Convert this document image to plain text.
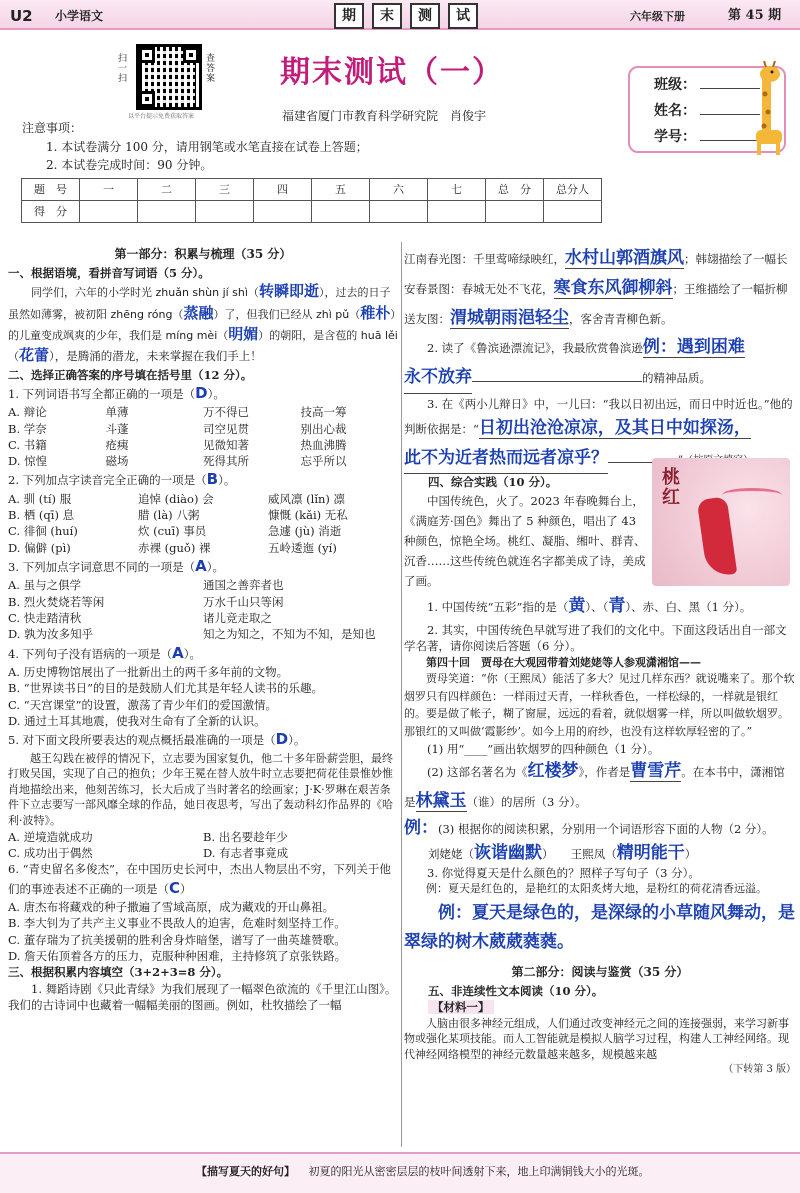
U2 小学语文	期	末	测	试	六年级下册	第 45 期
扫一扫
查答案
以平台提示免费获取答案
期末测试（一）
福建省厦门市教育科学研究院　肖俊宇
班级：
姓名：
学号：
注意事项：
1. 本试卷满分 100 分，请用钢笔或水笔直接在试卷上答题；
2. 本试卷完成时间：90 分钟。
题　号	一	二	三	四	五	六	七	总　分	总分人
得　分									
第一部分：积累与梳理（35 分）
一、根据语境，看拼音写词语（5 分）。
同学们，六年的小学时光 zhuǎn shùn jí shì（转瞬即逝），过去的日子虽然如薄雾，被初阳 zhēng róng（蒸融）了，但我们已经从 zhì pǔ（稚朴）的儿童变成飒爽的少年，我们是 míng mèi（明媚）的朝阳，是含苞的 huā lěi（花蕾），是腾涌的潜龙，未来掌握在我们手上！
二、选择正确答案的序号填在括号里（12 分）。
1. 下列词语书写全都正确的一项是（D）。
A. 辩论	单薄	万不得已	技高一筹
B. 学奈	斗蓬	司空见贯	别出心裁
C. 书籍	疮痍	见微知著	热血沸腾
D. 惊惶	磁场	死得其所	忘乎所以
2. 下列加点字读音完全正确的一项是（B）。
A. 驯 (tí) 服	追悼 (diào) 会	威风凛 (lǐn) 凛
B. 栖 (qī) 息	腊 (là) 八粥	慷慨 (kǎi) 无私
C. 徘徊 (huí)	炊 (cuī) 事员	急遽 (jù) 消逝
D. 偏僻 (pì)	赤裸 (guǒ) 裸	五岭逶迤 (yí)
3. 下列加点字词意思不同的一项是（A）。
A. 虽与之俱学	通国之善弈者也
B. 烈火焚烧若等闲	万水千山只等闲
C. 快走踏清秋	诸儿竞走取之
D. 孰为汝多知乎	知之为知之，不知为不知，是知也
4. 下列句子没有语病的一项是（A）。
A. 历史博物馆展出了一批新出土的两千多年前的文物。
B. “世界读书日”的目的是鼓励人们尤其是年轻人读书的乐趣。
C. “天宫课堂”的设置，激荡了青少年们的爱国激情。
D. 通过土耳其地震，使我对生命有了全新的认识。
5. 对下面文段所要表达的观点概括最准确的一项是（D）。
越王勾践在被俘的情况下，立志要为国家复仇，他二十多年卧薪尝胆，最终打败吴国，实现了自己的抱负；少年王冕在替人放牛时立志要把荷花佳景惟妙惟肖地描绘出来，他刻苦练习，长大后成了当时著名的绘画家；J·K·罗琳在艰苦条件下立志要写一部风靡全球的作品，她日夜思考，写出了轰动科幻作品界的《哈利·波特》。
A. 逆境造就成功	B. 出名要趁年少
C. 成功出于偶然	D. 有志者事竟成
6. “青史留名多俊杰”，在中国历史长河中，杰出人物层出不穷，下列关于他们的事迹表述不正确的一项是（C）
A. 唐杰布将藏戏的种子撒遍了雪域高原，成为藏戏的开山鼻祖。
B. 李大钊为了共产主义事业不畏敌人的迫害，危难时刻坚持工作。
C. 董存瑞为了抗美援朝的胜利舍身炸暗堡，谱写了一曲英雄赞歌。
D. 詹天佑顶着各方的压力，克服种种困难，主持修筑了京张铁路。
三、根据积累内容填空（3+2+3=8 分）。
1. 舞蹈诗剧《只此青绿》为我们展现了一幅翠色欲流的《千里江山图》。我们的古诗词中也藏着一幅幅美丽的图画。例如，杜牧描绘了一幅
江南春光图：千里莺啼绿映红，水村山郭酒旗风；韩翃描绘了一幅长安春景图：春城无处不飞花，寒食东风御柳斜；王维描绘了一幅折柳送友图：渭城朝雨浥轻尘，客舍青青柳色新。
2. 读了《鲁滨逊漂流记》，我最欣赏鲁滨逊例：遇到困难
永不放弃	的精神品质。
3. 在《两小儿辩日》中，一儿曰：“我以日初出远，而日中时近也。”他的判断依据是：“日初出沧沧凉凉，及其日中如探汤，
此不为近者热而远者凉乎？
四、综合实践（10 分）。
中国传统色，火了。2023 年春晚舞台上，《满庭芳·国色》舞出了 5 种颜色，唱出了 43 种颜色，惊艳全场。桃红、凝脂、缃叶、群青、沉香……这些传统色就连名字都美成了诗，美成了画。
1. 中国传统“五彩”指的是（黄）、（青）、赤、白、黑（1 分）。
2. 其实，中国传统色早就写进了我们的文化中。下面这段话出自一部文学名著，请你阅读后答题（6 分）。
第四十回　贾母在大观园带着刘姥姥等人参观潇湘馆——
贾母笑道：“你（王熙凤）能活了多大？见过几样东西？就说嘴来了。那个软烟罗只有四样颜色：一样雨过天青，一样秋香色，一样松绿的，一样就是银红的。要是做了帐子，糊了窗屉，远远的看着，就似烟雾一样，所以叫做软烟罗。那银红的又叫做‘霞影纱’。如今上用的府纱，也没有这样软厚轻密的了。”
(1) 用“____”画出软烟罗的四种颜色（1 分）。
(2) 这部名著名为《红楼梦》，作者是曹雪芹。在本书中，潇湘馆是林黛玉（谁）的居所（3 分）。
例：(3) 根据你的阅读积累，分别用一个词语形容下面的人物（2 分）。
刘姥姥（诙谐幽默）　　王熙凤（精明能干）
3. 你觉得夏天是什么颜色的？照样子写句子（3 分）。
例：夏天是红色的，是艳红的太阳炙烤大地，是粉红的荷花清香远溢。
例：夏天是绿色的，是深绿的小草随风舞动，是翠绿的树木葳葳蕤蕤。
第二部分：阅读与鉴赏（35 分）
五、非连续性文本阅读（10 分）。
【材料一】
人脑由很多神经元组成，人们通过改变神经元之间的连接强弱，来学习新事物或强化某项技能。而人工智能就是模拟人脑学习过程，构建人工神经网络。现代神经网络模型的神经元数量越来越多，规模越来越
（下转第 3 版）
桃红
【描写夏天的好句】 初夏的阳光从密密层层的枝叶间透射下来，地上印满铜钱大小的光斑。
